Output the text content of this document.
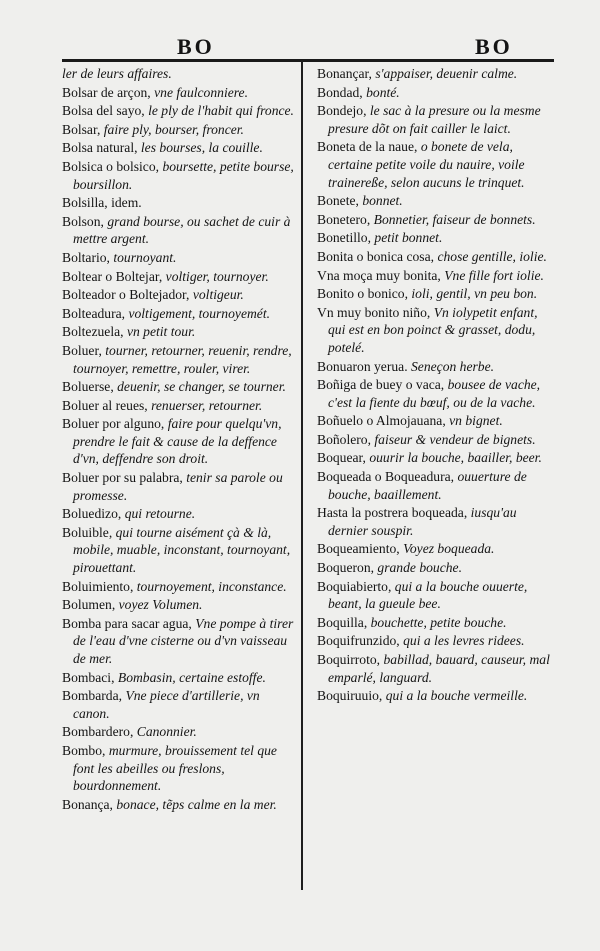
BO	BO
ler de leurs affaires.
Bolsar de arçon, vne faulconniere.
Bolsa del sayo, le ply de l'habit qui fronce.
Bolsar, faire ply, bourser, froncer.
Bolsa natural, les bourses, la couille.
Bolsica o bolsico, boursette, petite bourse, boursillon.
Bolsilla, idem.
Bolson, grand bourse, ou sachet de cuir à mettre argent.
Boltario, tournoyant.
Boltear o Boltejar, voltiger, tournoyer.
Bolteador o Boltejador, voltigeur.
Bolteadura, voltigement, tournoyemét.
Boltezuela, vn petit tour.
Boluer, tourner, retourner, reuenir, rendre, tournoyer, remettre, rouler, virer.
Boluerse, deuenir, se changer, se tourner.
Boluer al reues, renuerser, retourner.
Boluer por alguno, faire pour quelqu'vn, prendre le fait & cause de la deffence d'vn, deffendre son droit.
Boluer por su palabra, tenir sa parole ou promesse.
Boluedizo, qui retourne.
Boluible, qui tourne aisément çà & là, mobile, muable, inconstant, tournoyant, pirouettant.
Boluimiento, tournoyement, inconstance.
Bolumen, voyez Volumen.
Bomba para sacar agua, Vne pompe à tirer de l'eau d'vne cisterne ou d'vn vaisseau de mer.
Bombaci, Bombasin, certaine estoffe.
Bombarda, Vne piece d'artillerie, vn canon.
Bombardero, Canonnier.
Bombo, murmure, brouissement tel que font les abeilles ou freslons, bourdonnement.
Bonança, bonace, tẽps calme en la mer.
Bonançar, s'appaiser, deuenir calme.
Bondad, bonté.
Bondejo, le sac à la presure ou la mesme presure dõt on fait cailler le laict.
Boneta de la naue, o bonete de vela, certaine petite voile du nauire, voile trainereße, selon aucuns le trinquet.
Bonete, bonnet.
Bonetero, Bonnetier, faiseur de bonnets.
Bonetillo, petit bonnet.
Bonita o bonica cosa, chose gentille, iolie.
Vna moça muy bonita, Vne fille fort iolie.
Bonito o bonico, ioli, gentil, vn peu bon.
Vn muy bonito niño, Vn iolypetit enfant, qui est en bon poinct & grasset, dodu, potelé.
Bonuaron yerua. Seneçon herbe.
Boñiga de buey o vaca, bousee de vache, c'est la fiente du bœuf, ou de la vache.
Boñuelo o Almojauana, vn bignet.
Boñolero, faiseur & vendeur de bignets.
Boquear, ouurir la bouche, baailler, beer.
Boqueada o Boqueadura, ouuerture de bouche, baaillement.
Hasta la postrera boqueada, iusqu'au dernier souspir.
Boqueamiento, Voyez boqueada.
Boqueron, grande bouche.
Boquiabierto, qui a la bouche ouuerte, beant, la gueule bee.
Boquilla, bouchette, petite bouche.
Boquifrunzido, qui a les levres ridees.
Boquirroto, babillad, bauard, causeur, mal emparlé, languard.
Boquiruuio, qui a la bouche vermeille.
